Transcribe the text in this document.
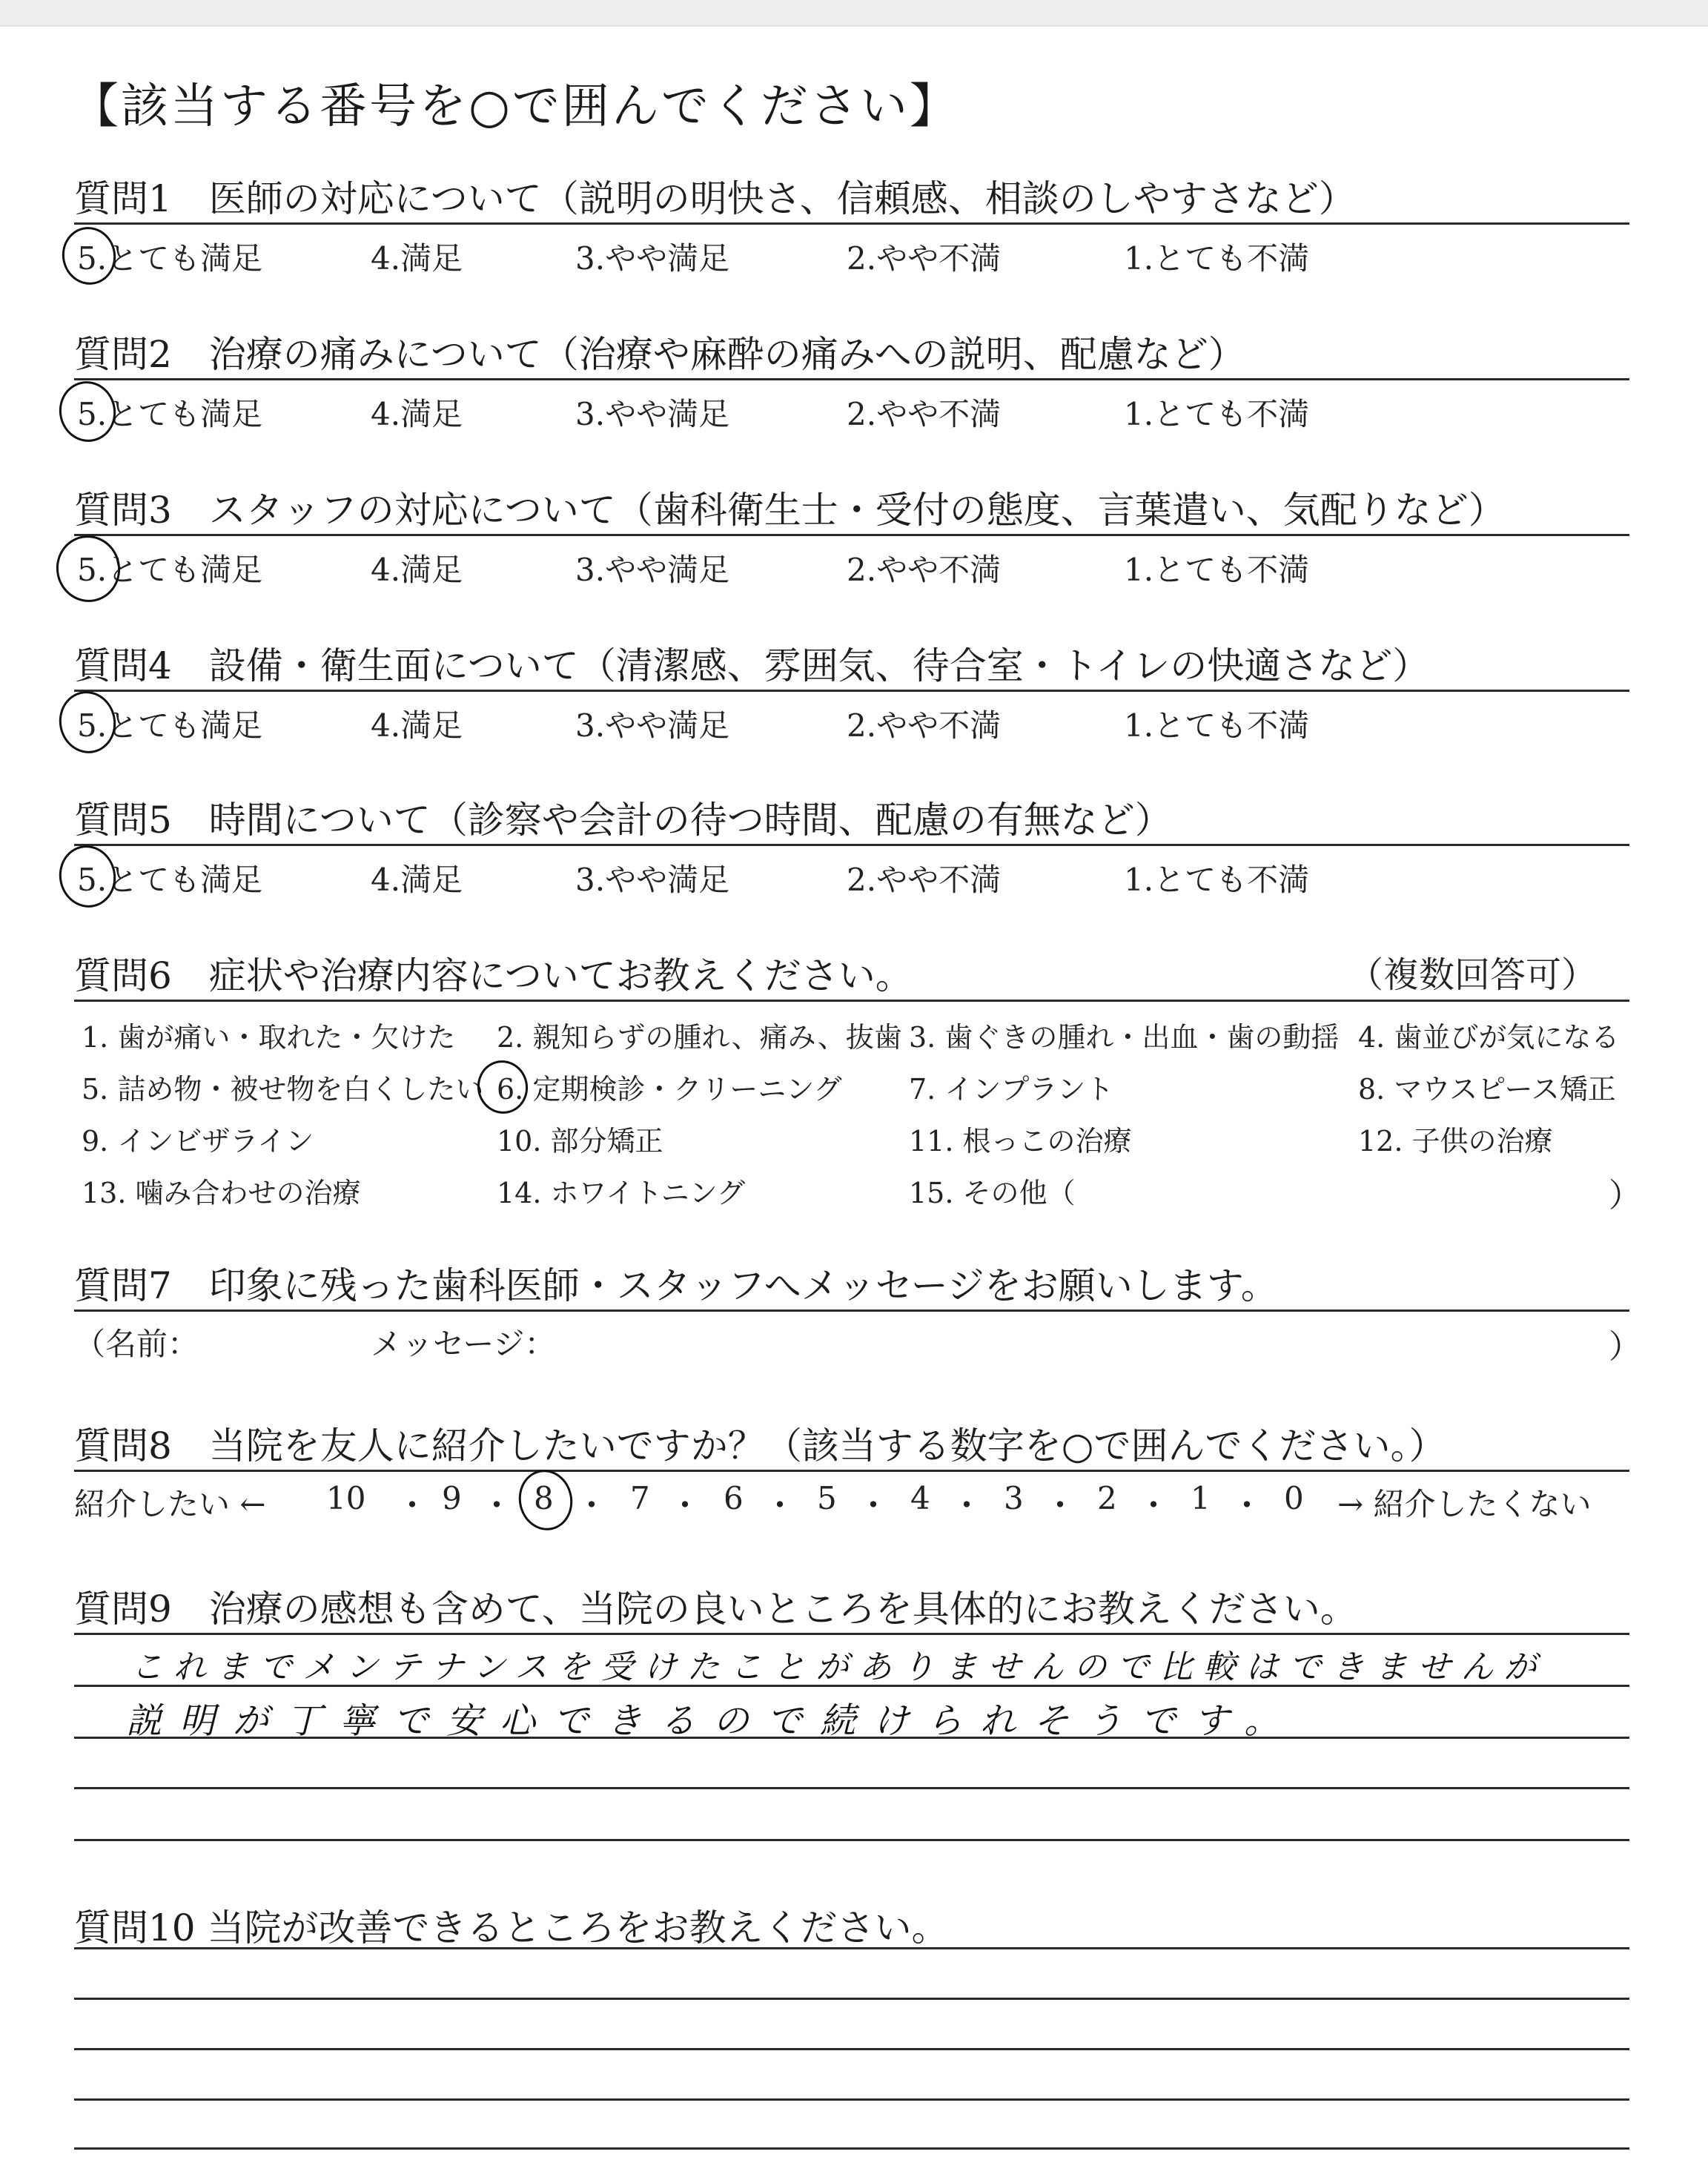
【該当する番号を○で囲んでください】
質問1　医師の対応について（説明の明快さ、信頼感、相談のしやすさなど）
5.とても満足	4.満足	3.やや満足	2.やや不満	1.とても不満
質問2　治療の痛みについて（治療や麻酔の痛みへの説明、配慮など）
5.とても満足	4.満足	3.やや満足	2.やや不満	1.とても不満
質問3　スタッフの対応について（歯科衛生士・受付の態度、言葉遣い、気配りなど）
5.とても満足	4.満足	3.やや満足	2.やや不満	1.とても不満
質問4　設備・衛生面について（清潔感、雰囲気、待合室・トイレの快適さなど）
5.とても満足	4.満足	3.やや満足	2.やや不満	1.とても不満
質問5　時間について（診察や会計の待つ時間、配慮の有無など）
5.とても満足	4.満足	3.やや満足	2.やや不満	1.とても不満
質問6　症状や治療内容についてお教えください。	（複数回答可）
1. 歯が痛い・取れた・欠けた 2. 親知らずの腫れ、痛み、抜歯 3. 歯ぐきの腫れ・出血・歯の動揺 4. 歯並びが気になる
5. 詰め物・被せ物を白くしたい 6. 定期検診・クリーニング 7. インプラント	8. マウスピース矯正
9. インビザライン	10. 部分矯正	11. 根っこの治療	12. 子供の治療
13. 噛み合わせの治療	14. ホワイトニング	15. その他（	）
質問7　印象に残った歯科医師・スタッフへメッセージをお願いします。
（名前：	メッセージ：	）
質問8　当院を友人に紹介したいですか？（該当する数字を○で囲んでください。）
紹介したい ← 10 ・ 9 ・ 8 ・ 7 ・ 6 ・ 5 ・ 4 ・ 3 ・ 2 ・ 1 ・ 0 → 紹介したくない
質問9　治療の感想も含めて、当院の良いところを具体的にお教えください。
これまでメンテナンスを受けたことがありませんので比較はできませんが
説明が丁寧で安心できるので続けられそうです。
質問10 当院が改善できるところをお教えください。
